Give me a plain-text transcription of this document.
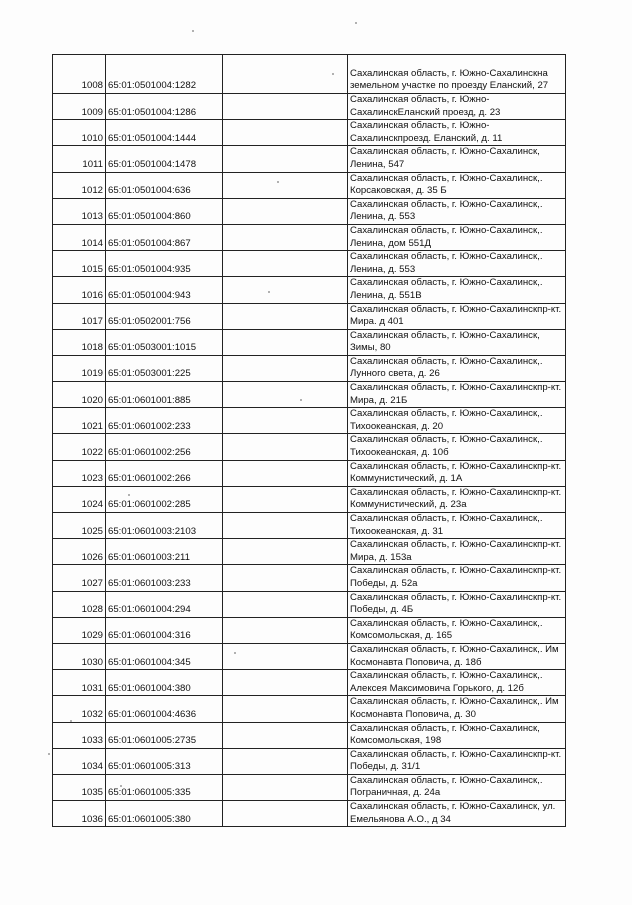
1008	65:01:0501004:1282		Сахалинская область, г. Южно-Сахалинскна
земельном участке по проезду Еланский, 27
1009	65:01:0501004:1286		Сахалинская область, г. Южно-
СахалинскЕланский проезд, д. 23
1010	65:01:0501004:1444		Сахалинская область, г. Южно-
Сахалинскпроезд. Еланский, д. 11
1011	65:01:0501004:1478		Сахалинская область, г. Южно-Сахалинск,
Ленина, 547
1012	65:01:0501004:636		Сахалинская область, г. Южно-Сахалинск,.
Корсаковская, д. 35 Б
1013	65:01:0501004:860		Сахалинская область, г. Южно-Сахалинск,.
Ленина, д. 553
1014	65:01:0501004:867		Сахалинская область, г. Южно-Сахалинск,.
Ленина, дом 551Д
1015	65:01:0501004:935		Сахалинская область, г. Южно-Сахалинск,.
Ленина, д. 553
1016	65:01:0501004:943		Сахалинская область, г. Южно-Сахалинск,.
Ленина, д. 551В
1017	65:01:0502001:756		Сахалинская область, г. Южно-Сахалинскпр-кт.
Мира. д 401
1018	65:01:0503001:1015		Сахалинская область, г. Южно-Сахалинск,
Зимы, 80
1019	65:01:0503001:225		Сахалинская область, г. Южно-Сахалинск,.
Лунного света, д. 26
1020	65:01:0601001:885		Сахалинская область, г. Южно-Сахалинскпр-кт.
Мира, д. 21Б
1021	65:01:0601002:233		Сахалинская область, г. Южно-Сахалинск,.
Тихоокеанская, д. 20
1022	65:01:0601002:256		Сахалинская область, г. Южно-Сахалинск,.
Тихоокеанская, д. 10б
1023	65:01:0601002:266		Сахалинская область, г. Южно-Сахалинскпр-кт.
Коммунистический, д. 1А
1024	65:01:0601002:285		Сахалинская область, г. Южно-Сахалинскпр-кт.
Коммунистический, д. 23а
1025	65:01:0601003:2103		Сахалинская область, г. Южно-Сахалинск,.
Тихоокеанская, д. 31
1026	65:01:0601003:211		Сахалинская область, г. Южно-Сахалинскпр-кт.
Мира, д. 153а
1027	65:01:0601003:233		Сахалинская область, г. Южно-Сахалинскпр-кт.
Победы, д. 52а
1028	65:01:0601004:294		Сахалинская область, г. Южно-Сахалинскпр-кт.
Победы, д. 4Б
1029	65:01:0601004:316		Сахалинская область, г. Южно-Сахалинск,.
Комсомольская, д. 165
1030	65:01:0601004:345		Сахалинская область, г. Южно-Сахалинск,. Им
Космонавта Поповича, д. 18б
1031	65:01:0601004:380		Сахалинская область, г. Южно-Сахалинск,.
Алексея Максимовича Горького, д. 12б
1032	65:01:0601004:4636		Сахалинская область, г. Южно-Сахалинск,. Им
Космонавта Поповича, д. 30
1033	65:01:0601005:2735		Сахалинская область, г. Южно-Сахалинск,
Комсомольская, 198
1034	65:01:0601005:313		Сахалинская область, г. Южно-Сахалинскпр-кт.
Победы, д. 31/1
1035	65:01:0601005:335		Сахалинская область, г. Южно-Сахалинск,.
Пограничная, д. 24а
1036	65:01:0601005:380		Сахалинская область, г. Южно-Сахалинск, ул.
Емельянова А.О., д 34
